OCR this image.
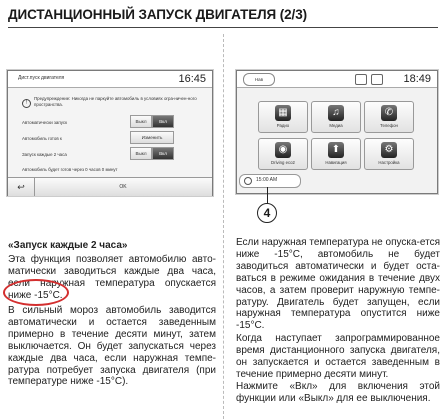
ДИСТАНЦИОННЫЙ ЗАПУСК ДВИГАТЕЛЯ (2/3)
Дист.пуск двигателя	16:45
!
Предупреждение: Никогда не паркуйте автомобиль в условиях огра-ничен-ного пространства.
Автоматически запуск	Выкл	Вкл
Автомобиль готов к	Изменить
Запуск каждые 2 часа	Выкл	Вкл
Автомобиль будет готов через 0 часов 0 минут
↩	OK
Нав	18:49
▦
Радио
♫
Медиа
✆
Телефон
◉
Driving eco2
⬆
Навигация
⚙
Настройка
15:00 AM
4
«Запуск каждые 2 часа»
Эта функция позволяет автомобилю авто-матически заводиться каждые два часа, если наружная температура опускается ниже -15°С.
В сильный мороз автомобиль заводится автоматически и остается заведенным примерно в течение десяти минут, затем выключается. Он будет запускаться через каждые два часа, если наружная темпе-ратура потребует запуска двигателя (при температуре ниже -15°С).
Если наружная температура не опуска-ется ниже -15°С, автомобиль не будет заводиться автоматически и будет оста-ваться в режиме ожидания в течение двух часов, а затем проверит наружную темпе-ратуру. Двигатель будет запущен, если наружная температура опустится ниже -15°С.
Когда наступает запрограммированное время дистанционного запуска двигателя, он запускается и остается заведенным в течение примерно десяти минут.
Нажмите «Вкл» для включения этой функции или «Выкл» для ее выключения.
